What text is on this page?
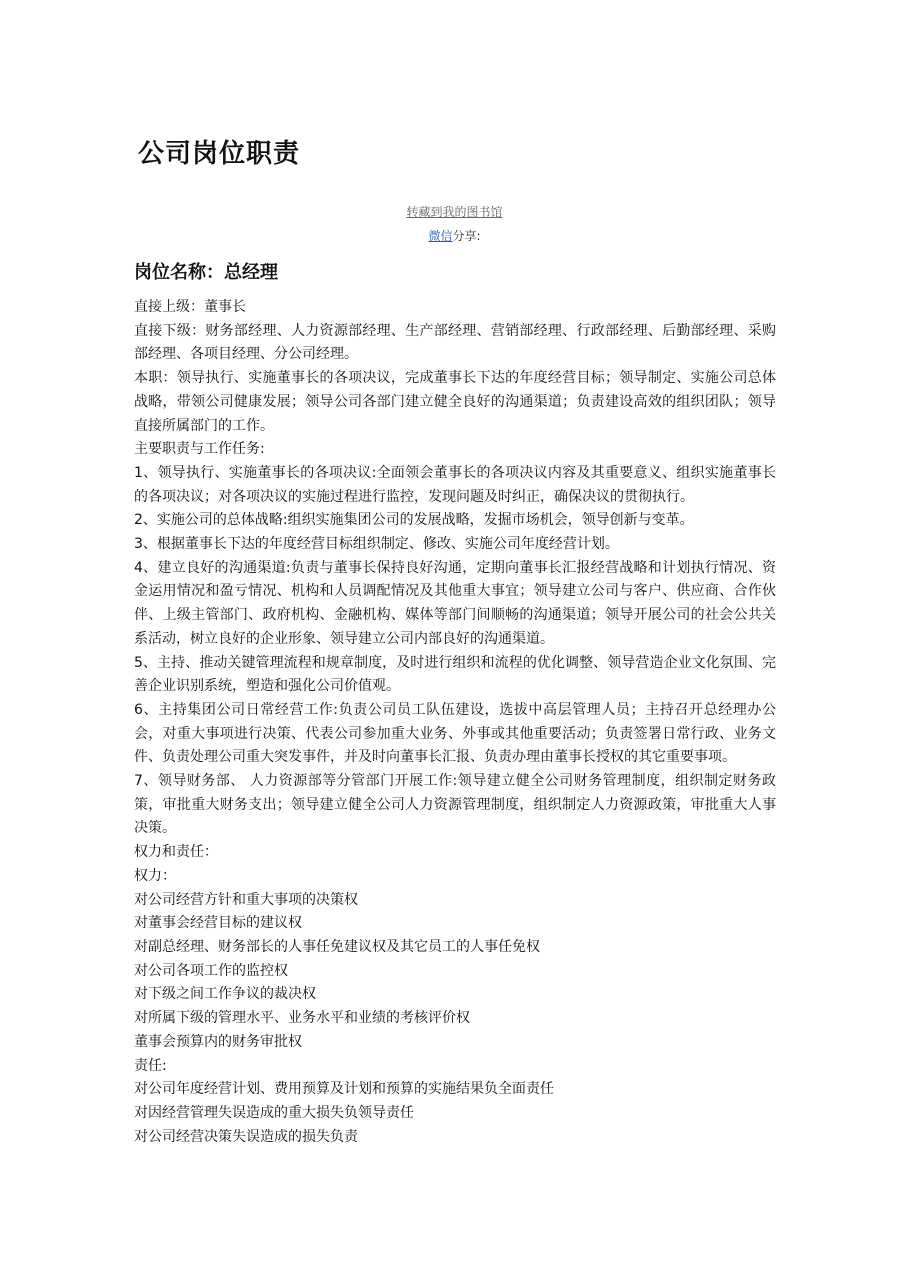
公司岗位职责
转藏到我的图书馆
微信分享:
岗位名称：总经理

直接上级：董事长

直接下级：财务部经理、人力资源部经理、生产部经理、营销部经理、行政部经理、后勤部经理、采购部经理、各项目经理、分公司经理。

本职：领导执行、实施董事长的各项决议，完成董事长下达的年度经营目标；领导制定、实施公司总体战略，带领公司健康发展；领导公司各部门建立健全良好的沟通渠道；负责建设高效的组织团队；领导直接所属部门的工作。

主要职责与工作任务:

1、领导执行、实施董事长的各项决议:全面领会董事长的各项决议内容及其重要意义、组织实施董事长的各项决议；对各项决议的实施过程进行监控，发现问题及时纠正，确保决议的贯彻执行。

2、实施公司的总体战略:组织实施集团公司的发展战略，发掘市场机会，领导创新与变革。

3、根据董事长下达的年度经营目标组织制定、修改、实施公司年度经营计划。

4、建立良好的沟通渠道:负责与董事长保持良好沟通，定期向董事长汇报经营战略和计划执行情况、资金运用情况和盈亏情况、机构和人员调配情况及其他重大事宜；领导建立公司与客户、供应商、合作伙伴、上级主管部门、政府机构、金融机构、媒体等部门间顺畅的沟通渠道；领导开展公司的社会公共关系活动，树立良好的企业形象、领导建立公司内部良好的沟通渠道。

5、主持、推动关键管理流程和规章制度，及时进行组织和流程的优化调整、领导营造企业文化氛围、完善企业识别系统，塑造和强化公司价值观。

6、主持集团公司日常经营工作:负责公司员工队伍建设，选拔中高层管理人员；主持召开总经理办公会，对重大事项进行决策、代表公司参加重大业务、外事或其他重要活动；负责签署日常行政、业务文件、负责处理公司重大突发事件，并及时向董事长汇报、负责办理由董事长授权的其它重要事项。

7、领导财务部、 人力资源部等分管部门开展工作:领导建立健全公司财务管理制度，组织制定财务政策，审批重大财务支出；领导建立健全公司人力资源管理制度，组织制定人力资源政策，审批重大人事决策。

权力和责任：

权力：

对公司经营方针和重大事项的决策权

对董事会经营目标的建议权

对副总经理、财务部长的人事任免建议权及其它员工的人事任免权

对公司各项工作的监控权

对下级之间工作争议的裁决权

对所属下级的管理水平、业务水平和业绩的考核评价权

董事会预算内的财务审批权

责任:

对公司年度经营计划、费用预算及计划和预算的实施结果负全面责任

对因经营管理失误造成的重大损失负领导责任

对公司经营决策失误造成的损失负责
